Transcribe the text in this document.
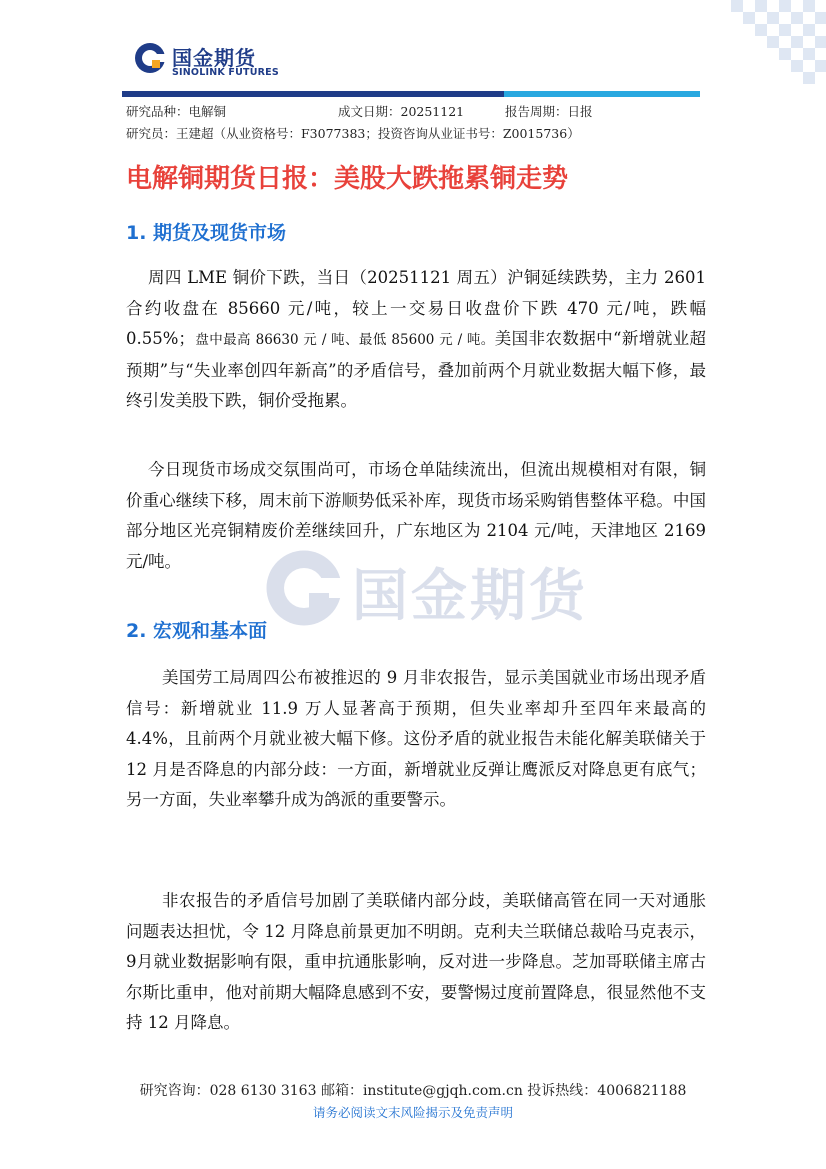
国金期货
SINOLINK FUTURES
研究品种：电解铜	成文日期：20251121	报告周期：日报
研究员：王建超（从业资格号：F3077383；投资咨询从业证书号：Z0015736）
电解铜期货日报：美股大跌拖累铜走势
国金期货
1. 期货及现货市场
周四 LME 铜价下跌，当日（20251121 周五）沪铜延续跌势，主力 2601 合约收盘在 85660 元/吨，较上一交易日收盘价下跌 470 元/吨，跌幅 0.55%；盘中最高 86630 元 / 吨、最低 85600 元 / 吨。美国非农数据中“新增就业超预期”与“失业率创四年新高”的矛盾信号，叠加前两个月就业数据大幅下修，最终引发美股下跌，铜价受拖累。
今日现货市场成交氛围尚可，市场仓单陆续流出，但流出规模相对有限，铜价重心继续下移，周末前下游顺势低采补库，现货市场采购销售整体平稳。中国部分地区光亮铜精废价差继续回升，广东地区为 2104 元/吨，天津地区 2169 元/吨。
2. 宏观和基本面
美国劳工局周四公布被推迟的 9 月非农报告，显示美国就业市场出现矛盾信号：新增就业 11.9 万人显著高于预期，但失业率却升至四年来最高的 4.4%，且前两个月就业被大幅下修。这份矛盾的就业报告未能化解美联储关于 12 月是否降息的内部分歧：一方面，新增就业反弹让鹰派反对降息更有底气；另一方面，失业率攀升成为鸽派的重要警示。
非农报告的矛盾信号加剧了美联储内部分歧，美联储高管在同一天对通胀问题表达担忧，令 12 月降息前景更加不明朗。克利夫兰联储总裁哈马克表示，9月就业数据影响有限，重申抗通胀影响，反对进一步降息。芝加哥联储主席古尔斯比重申，他对前期大幅降息感到不安，要警惕过度前置降息，很显然他不支持 12 月降息。
研究咨询：028 6130 3163 邮箱：institute@gjqh.com.cn 投诉热线：4006821188
请务必阅读文末风险揭示及免责声明
